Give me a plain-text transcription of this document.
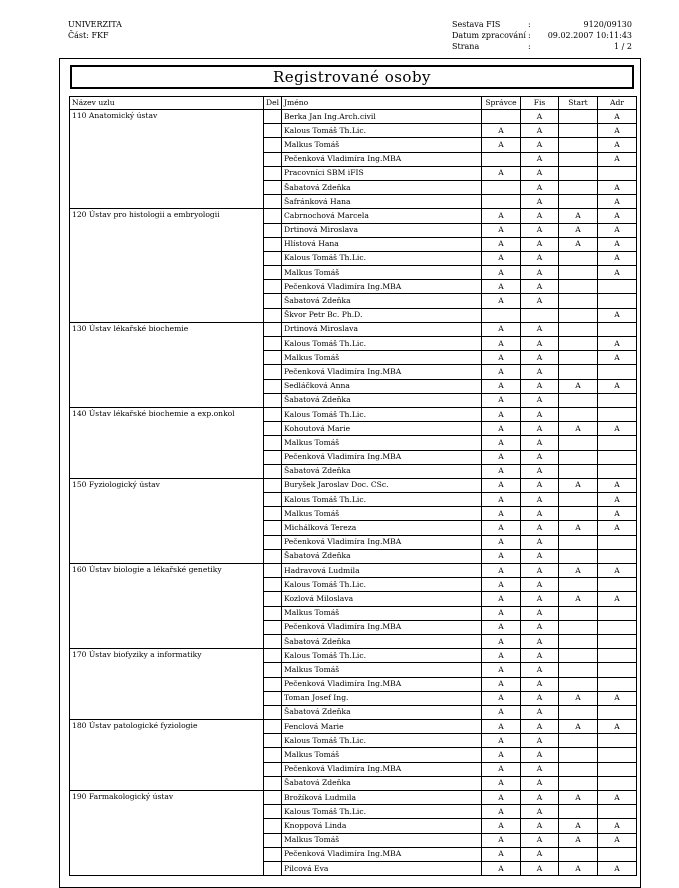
UNIVERZITA
Část: FKF
Sestava FIS	:	9120/09130
Datum zpracování : 09.02.2007 10:11:43
Strana	:	1 / 2
Registrované osoby
Název uzlu	Del	Jméno	Správce	Fis	Start	Adr
110 Anatomický ústav		Berka Jan Ing.Arch.civil		A		A
		Kalous Tomáš Th.Lic.	A	A		A
		Malkus Tomáš	A	A		A
		Pečenková Vladimíra Ing.MBA		A		A
		Pracovníci SBM iFIS	A	A		
		Šabatová Zdeňka		A		A
		Šafránková Hana		A		A
120 Ústav pro histologii a embryologii		Cabrnochová Marcela	A	A	A	A
		Drtinová Miroslava	A	A	A	A
		Hlístová Hana	A	A	A	A
		Kalous Tomáš Th.Lic.	A	A		A
		Malkus Tomáš	A	A		A
		Pečenková Vladimíra Ing.MBA	A	A		
		Šabatová Zdeňka	A	A		
		Škvor Petr Bc. Ph.D.				A
130 Ústav lékařské biochemie		Drtinová Miroslava	A	A		
		Kalous Tomáš Th.Lic.	A	A		A
		Malkus Tomáš	A	A		A
		Pečenková Vladimíra Ing.MBA	A	A		
		Sedláčková Anna	A	A	A	A
		Šabatová Zdeňka	A	A		
140 Ústav lékařské biochemie a exp.onkol		Kalous Tomáš Th.Lic.	A	A		
		Kohoutová Marie	A	A	A	A
		Malkus Tomáš	A	A		
		Pečenková Vladimíra Ing.MBA	A	A		
		Šabatová Zdeňka	A	A		
150 Fyziologický ústav		Buryšek Jaroslav Doc. CSc.	A	A	A	A
		Kalous Tomáš Th.Lic.	A	A		A
		Malkus Tomáš	A	A		A
		Michálková Tereza	A	A	A	A
		Pečenková Vladimíra Ing.MBA	A	A		
		Šabatová Zdeňka	A	A		
160 Ústav biologie a lékařské genetiky		Hadravová Ludmila	A	A	A	A
		Kalous Tomáš Th.Lic.	A	A		
		Kozlová Miloslava	A	A	A	A
		Malkus Tomáš	A	A		
		Pečenková Vladimíra Ing.MBA	A	A		
		Šabatová Zdeňka	A	A		
170 Ústav biofyziky a informatiky		Kalous Tomáš Th.Lic.	A	A		
		Malkus Tomáš	A	A		
		Pečenková Vladimíra Ing.MBA	A	A		
		Toman Josef Ing.	A	A	A	A
		Šabatová Zdeňka	A	A		
180 Ústav patologické fyziologie		Fenclová Marie	A	A	A	A
		Kalous Tomáš Th.Lic.	A	A		
		Malkus Tomáš	A	A		
		Pečenková Vladimíra Ing.MBA	A	A		
		Šabatová Zdeňka	A	A		
190 Farmakologický ústav		Brožíková Ludmila	A	A	A	A
		Kalous Tomáš Th.Lic.	A	A		
		Knoppová Linda	A	A	A	A
		Malkus Tomáš	A	A	A	A
		Pečenková Vladimíra Ing.MBA	A	A		
		Pilcová Eva	A	A	A	A
